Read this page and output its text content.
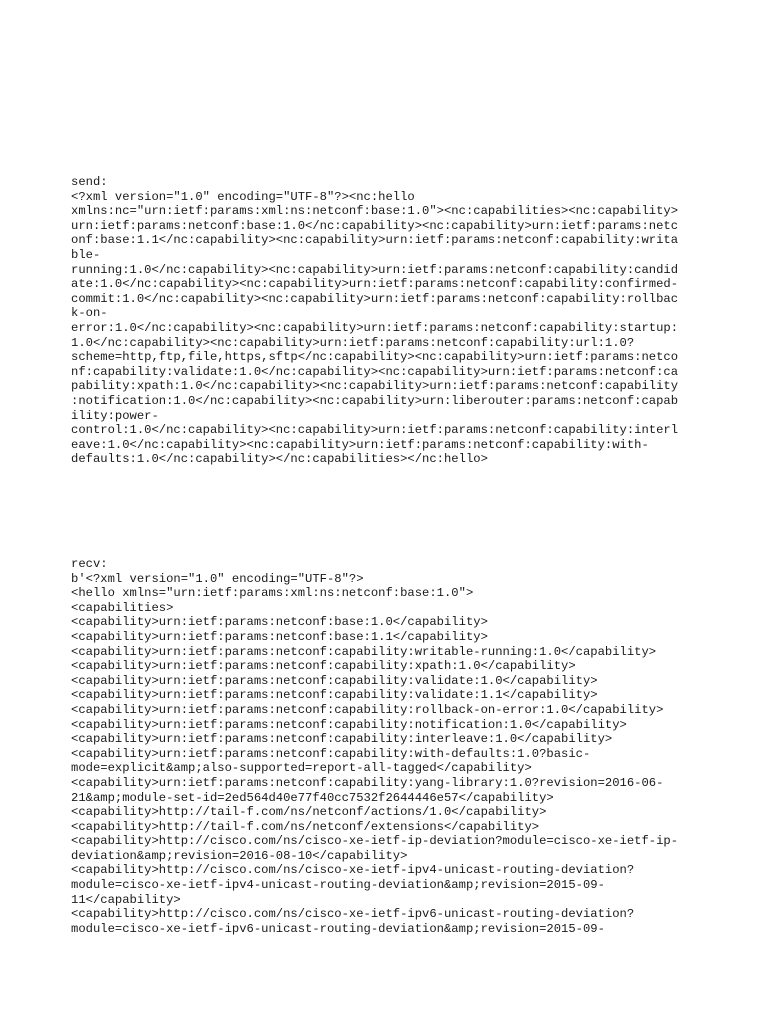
send:
<?xml version="1.0" encoding="UTF-8"?><nc:hello
xmlns:nc="urn:ietf:params:xml:ns:netconf:base:1.0"><nc:capabilities><nc:capability>
urn:ietf:params:netconf:base:1.0</nc:capability><nc:capability>urn:ietf:params:netc
onf:base:1.1</nc:capability><nc:capability>urn:ietf:params:netconf:capability:writa
ble-
running:1.0</nc:capability><nc:capability>urn:ietf:params:netconf:capability:candid
ate:1.0</nc:capability><nc:capability>urn:ietf:params:netconf:capability:confirmed-
commit:1.0</nc:capability><nc:capability>urn:ietf:params:netconf:capability:rollbac
k-on-
error:1.0</nc:capability><nc:capability>urn:ietf:params:netconf:capability:startup:
1.0</nc:capability><nc:capability>urn:ietf:params:netconf:capability:url:1.0?
scheme=http,ftp,file,https,sftp</nc:capability><nc:capability>urn:ietf:params:netco
nf:capability:validate:1.0</nc:capability><nc:capability>urn:ietf:params:netconf:ca
pability:xpath:1.0</nc:capability><nc:capability>urn:ietf:params:netconf:capability
:notification:1.0</nc:capability><nc:capability>urn:liberouter:params:netconf:capab
ility:power-
control:1.0</nc:capability><nc:capability>urn:ietf:params:netconf:capability:interl
eave:1.0</nc:capability><nc:capability>urn:ietf:params:netconf:capability:with-
defaults:1.0</nc:capability></nc:capabilities></nc:hello>
recv:
b'<?xml version="1.0" encoding="UTF-8"?>
<hello xmlns="urn:ietf:params:xml:ns:netconf:base:1.0">
<capabilities>
<capability>urn:ietf:params:netconf:base:1.0</capability>
<capability>urn:ietf:params:netconf:base:1.1</capability>
<capability>urn:ietf:params:netconf:capability:writable-running:1.0</capability>
<capability>urn:ietf:params:netconf:capability:xpath:1.0</capability>
<capability>urn:ietf:params:netconf:capability:validate:1.0</capability>
<capability>urn:ietf:params:netconf:capability:validate:1.1</capability>
<capability>urn:ietf:params:netconf:capability:rollback-on-error:1.0</capability>
<capability>urn:ietf:params:netconf:capability:notification:1.0</capability>
<capability>urn:ietf:params:netconf:capability:interleave:1.0</capability>
<capability>urn:ietf:params:netconf:capability:with-defaults:1.0?basic-
mode=explicit&amp;also-supported=report-all-tagged</capability>
<capability>urn:ietf:params:netconf:capability:yang-library:1.0?revision=2016-06-
21&amp;module-set-id=2ed564d40e77f40cc7532f2644446e57</capability>
<capability>http://tail-f.com/ns/netconf/actions/1.0</capability>
<capability>http://tail-f.com/ns/netconf/extensions</capability>
<capability>http://cisco.com/ns/cisco-xe-ietf-ip-deviation?module=cisco-xe-ietf-ip-
deviation&amp;revision=2016-08-10</capability>
<capability>http://cisco.com/ns/cisco-xe-ietf-ipv4-unicast-routing-deviation?
module=cisco-xe-ietf-ipv4-unicast-routing-deviation&amp;revision=2015-09-
11</capability>
<capability>http://cisco.com/ns/cisco-xe-ietf-ipv6-unicast-routing-deviation?
module=cisco-xe-ietf-ipv6-unicast-routing-deviation&amp;revision=2015-09-
